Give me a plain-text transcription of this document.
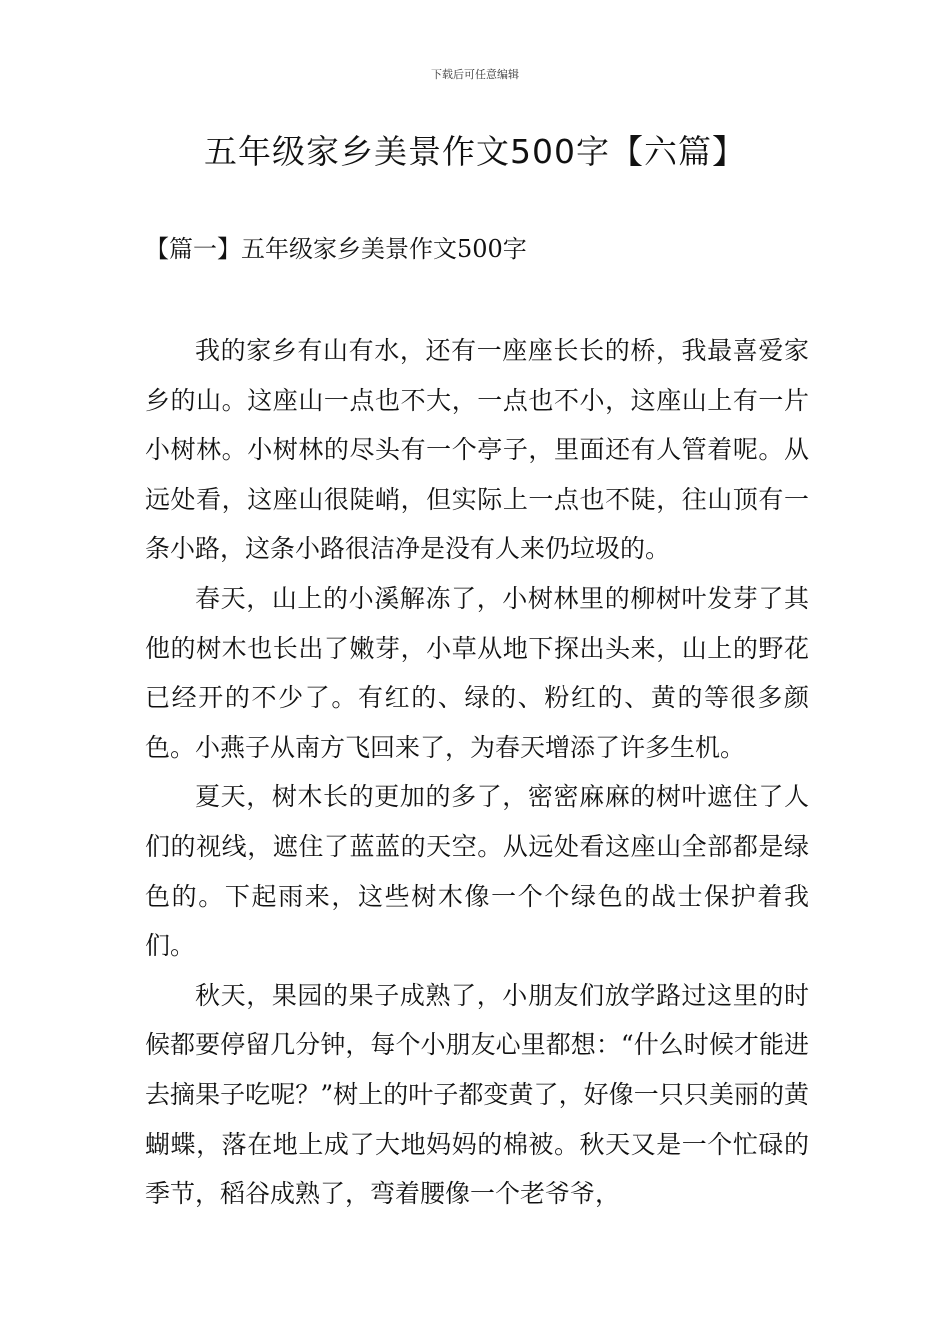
下载后可任意编辑
五年级家乡美景作文500字【六篇】
【篇一】五年级家乡美景作文500字

我的家乡有山有水，还有一座座长长的桥，我最喜爱家乡的山。这座山一点也不大，一点也不小，这座山上有一片小树林。小树林的尽头有一个亭子，里面还有人管着呢。从远处看，这座山很陡峭，但实际上一点也不陡，往山顶有一条小路，这条小路很洁净是没有人来仍垃圾的。

春天，山上的小溪解冻了，小树林里的柳树叶发芽了其他的树木也长出了嫩芽，小草从地下探出头来，山上的野花已经开的不少了。有红的、绿的、粉红的、黄的等很多颜色。小燕子从南方飞回来了，为春天增添了许多生机。

夏天，树木长的更加的多了，密密麻麻的树叶遮住了人们的视线，遮住了蓝蓝的天空。从远处看这座山全部都是绿色的。下起雨来，这些树木像一个个绿色的战士保护着我们。

秋天，果园的果子成熟了，小朋友们放学路过这里的时候都要停留几分钟，每个小朋友心里都想：“什么时候才能进去摘果子吃呢？”树上的叶子都变黄了，好像一只只美丽的黄蝴蝶，落在地上成了大地妈妈的棉被。秋天又是一个忙碌的季节，稻谷成熟了，弯着腰像一个老爷爷，
